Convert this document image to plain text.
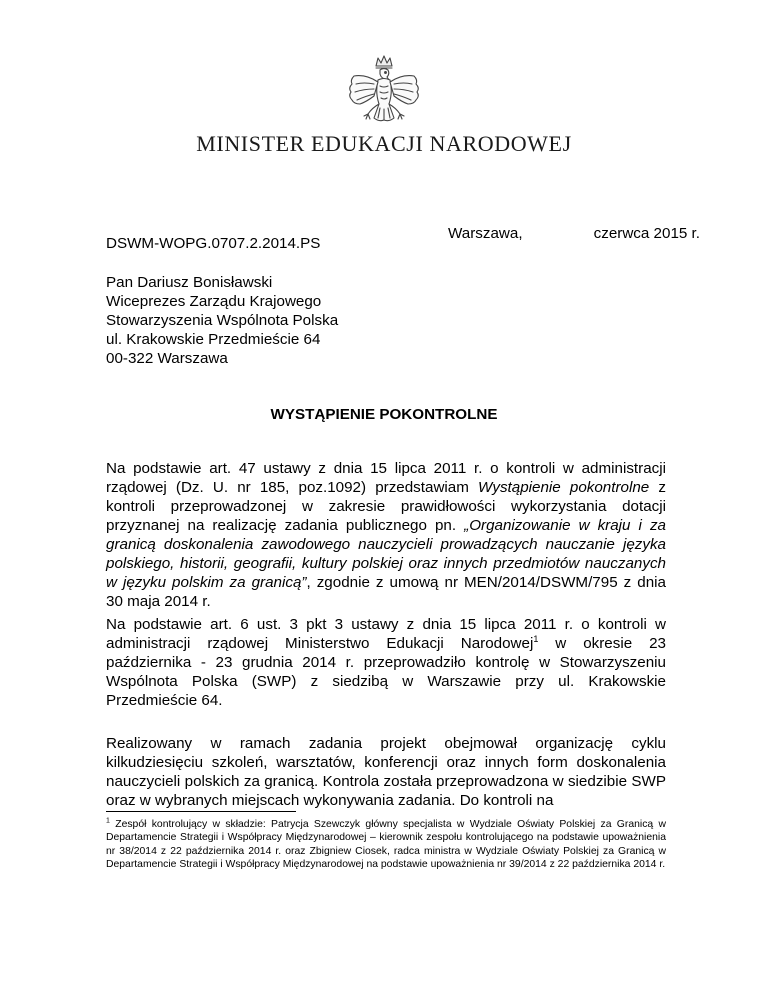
MINISTER EDUKACJI NARODOWEJ
Warszawa,	czerwca 2015 r.
DSWM-WOPG.0707.2.2014.PS
Pan Dariusz Bonisławski
Wiceprezes Zarządu Krajowego
Stowarzyszenia Wspólnota Polska
ul. Krakowskie Przedmieście 64
00-322 Warszawa
WYSTĄPIENIE POKONTROLNE
Na podstawie art. 47 ustawy z dnia 15 lipca 2011 r. o kontroli w administracji rządowej (Dz. U. nr 185, poz.1092) przedstawiam Wystąpienie pokontrolne z kontroli przeprowadzonej w zakresie prawidłowości wykorzystania dotacji przyznanej na realizację zadania publicznego pn. „Organizowanie w kraju i za granicą doskonalenia zawodowego nauczycieli prowadzących nauczanie języka polskiego, historii, geografii, kultury polskiej oraz innych przedmiotów nauczanych w języku polskim za granicą”, zgodnie z umową nr MEN/2014/DSWM/795 z dnia 30 maja 2014 r.
Na podstawie art. 6 ust. 3 pkt 3 ustawy z dnia 15 lipca 2011 r. o kontroli w administracji rządowej Ministerstwo Edukacji Narodowej$^1$ w okresie 23 października - 23 grudnia 2014 r. przeprowadziło kontrolę w Stowarzyszeniu Wspólnota Polska (SWP) z siedzibą w Warszawie przy ul. Krakowskie Przedmieście 64.
Realizowany w ramach zadania projekt obejmował organizację cyklu kilkudziesięciu szkoleń, warsztatów, konferencji oraz innych form doskonalenia nauczycieli polskich za granicą. Kontrola została przeprowadzona w siedzibie SWP oraz w wybranych miejscach wykonywania zadania. Do kontroli na
$^1$ Zespół kontrolujący w składzie: Patrycja Szewczyk główny specjalista w Wydziale Oświaty Polskiej za Granicą w Departamencie Strategii i Współpracy Międzynarodowej – kierownik zespołu kontrolującego na podstawie upoważnienia nr 38/2014 z 22 października 2014 r. oraz Zbigniew Ciosek, radca ministra w Wydziale Oświaty Polskiej za Granicą w Departamencie Strategii i Współpracy Międzynarodowej na podstawie upoważnienia nr 39/2014 z 22 października 2014 r.
